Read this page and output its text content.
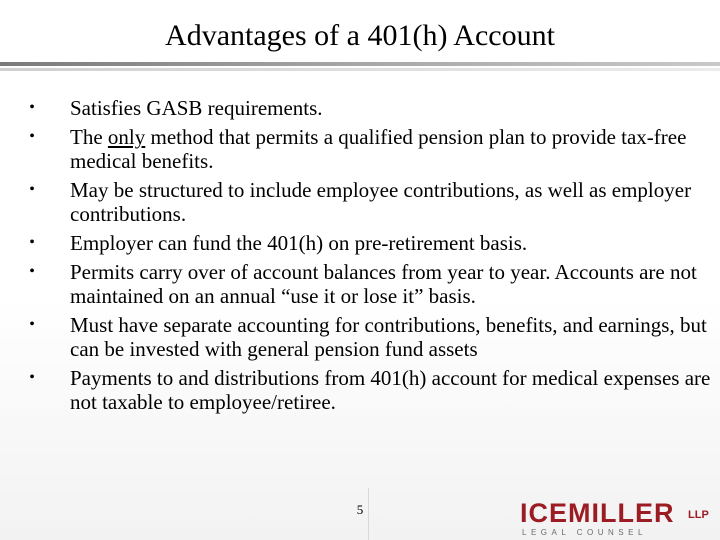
Advantages of a 401(h) Account
• Satisfies GASB requirements.
• The only method that permits a qualified pension plan to provide tax-free medical benefits.
• May be structured to include employee contributions, as well as employer contributions.
• Employer can fund the 401(h) on pre-retirement basis.
• Permits carry over of account balances from year to year. Accounts are not maintained on an annual “use it or lose it” basis.
• Must have separate accounting for contributions, benefits, and earnings, but can be invested with general pension fund assets
• Payments to and distributions from 401(h) account for medical expenses are not taxable to employee/retiree.
5	ICEMILLER LLP
LEGAL COUNSEL
